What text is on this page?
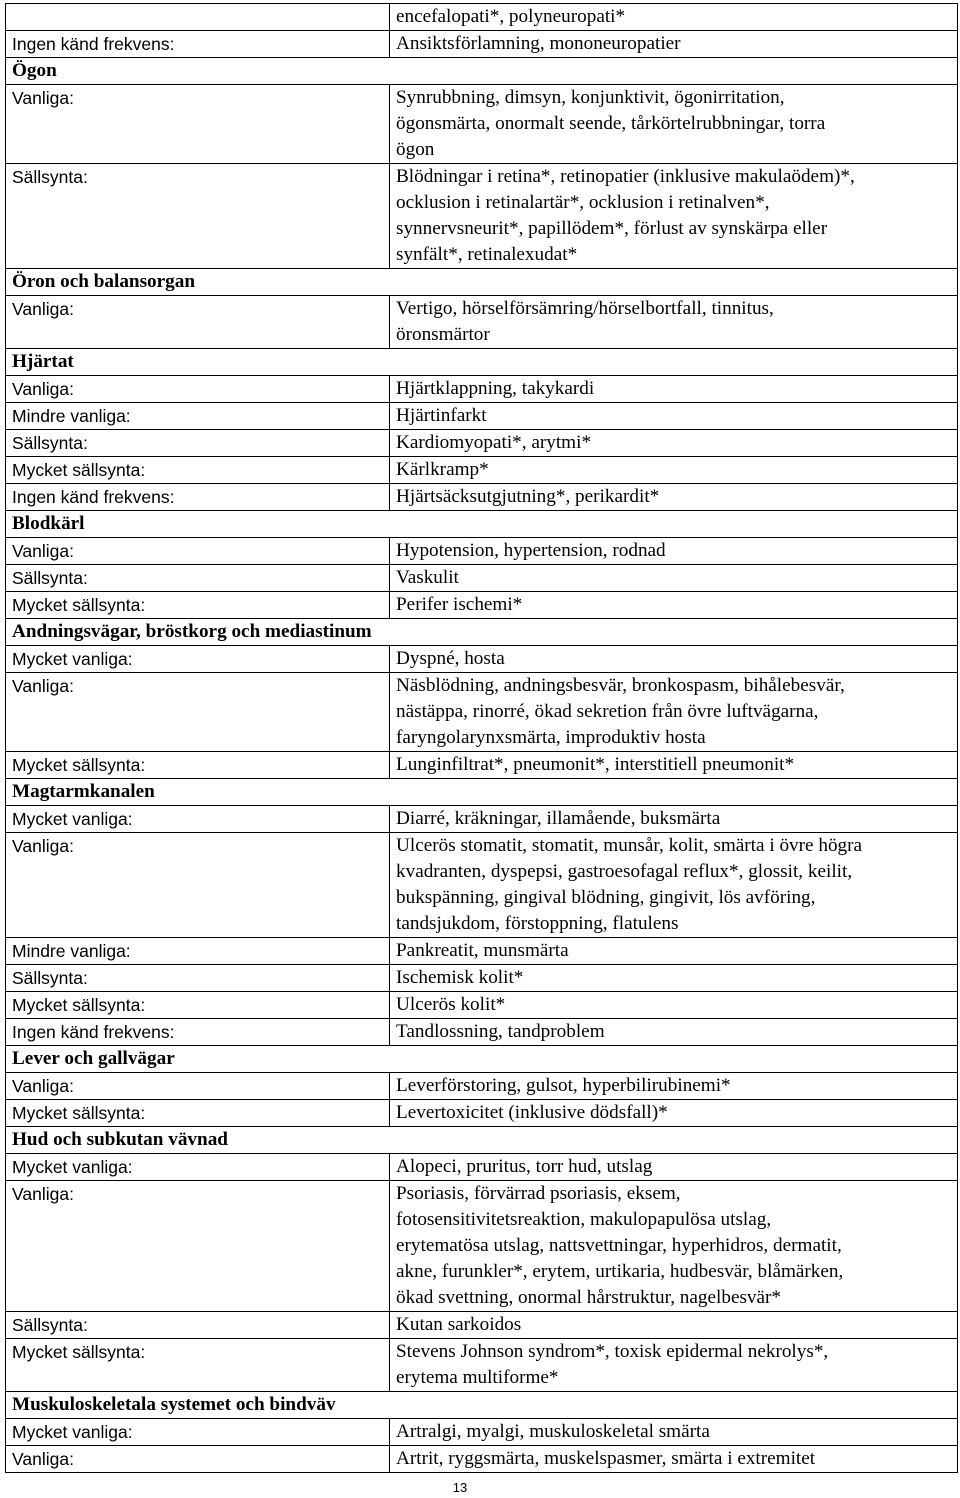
	encefalopati*, polyneuropati*
Ingen känd frekvens:	Ansiktsförlamning, mononeuropatier
Ögon	
Vanliga:	Synrubbning, dimsyn, konjunktivit, ögonirritation,
ögonsmärta, onormalt seende, tårkörtelrubbningar, torra
ögon
Sällsynta:	Blödningar i retina*, retinopatier (inklusive makulaödem)*,
ocklusion i retinalartär*, ocklusion i retinalven*,
synnervsneurit*, papillödem*, förlust av synskärpa eller
synfält*, retinalexudat*
Öron och balansorgan	
Vanliga:	Vertigo, hörselförsämring/hörselbortfall, tinnitus,
öronsmärtor
Hjärtat	
Vanliga:	Hjärtklappning, takykardi
Mindre vanliga:	Hjärtinfarkt
Sällsynta:	Kardiomyopati*, arytmi*
Mycket sällsynta:	Kärlkramp*
Ingen känd frekvens:	Hjärtsäcksutgjutning*, perikardit*
Blodkärl	
Vanliga:	Hypotension, hypertension, rodnad
Sällsynta:	Vaskulit
Mycket sällsynta:	Perifer ischemi*
Andningsvägar, bröstkorg och mediastinum	
Mycket vanliga:	Dyspné, hosta
Vanliga:	Näsblödning, andningsbesvär, bronkospasm, bihålebesvär,
nästäppa, rinorré, ökad sekretion från övre luftvägarna,
faryngolarynxsmärta, improduktiv hosta
Mycket sällsynta:	Lunginfiltrat*, pneumonit*, interstitiell pneumonit*
Magtarmkanalen	
Mycket vanliga:	Diarré, kräkningar, illamående, buksmärta
Vanliga:	Ulcerös stomatit, stomatit, munsår, kolit, smärta i övre högra
kvadranten, dyspepsi, gastroesofagal reflux*, glossit, keilit,
bukspänning, gingival blödning, gingivit, lös avföring,
tandsjukdom, förstoppning, flatulens
Mindre vanliga:	Pankreatit, munsmärta
Sällsynta:	Ischemisk kolit*
Mycket sällsynta:	Ulcerös kolit*
Ingen känd frekvens:	Tandlossning, tandproblem
Lever och gallvägar	
Vanliga:	Leverförstoring, gulsot, hyperbilirubinemi*
Mycket sällsynta:	Levertoxicitet (inklusive dödsfall)*
Hud och subkutan vävnad	
Mycket vanliga:	Alopeci, pruritus, torr hud, utslag
Vanliga:	Psoriasis, förvärrad psoriasis, eksem,
fotosensitivitetsreaktion, makulopapulösa utslag,
erytematösa utslag, nattsvettningar, hyperhidros, dermatit,
akne, furunkler*, erytem, urtikaria, hudbesvär, blåmärken,
ökad svettning, onormal hårstruktur, nagelbesvär*
Sällsynta:	Kutan sarkoidos
Mycket sällsynta:	Stevens Johnson syndrom*, toxisk epidermal nekrolys*,
erytema multiforme*
Muskuloskeletala systemet och bindväv	
Mycket vanliga:	Artralgi, myalgi, muskuloskeletal smärta
Vanliga:	Artrit, ryggsmärta, muskelspasmer, smärta i extremitet
13
